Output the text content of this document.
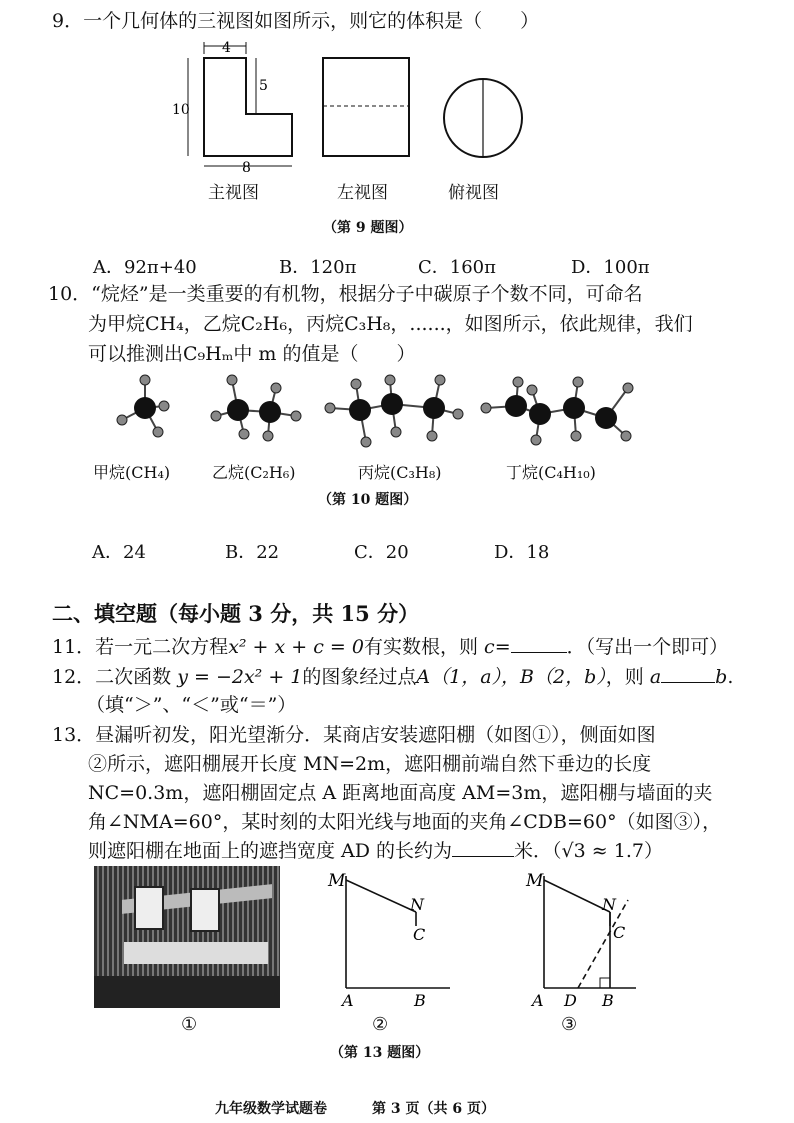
9．一个几何体的三视图如图所示，则它的体积是（　　）
4
5
10
8
主视图	左视图	俯视图
（第 9 题图）
A．92π+40	B．120π	C．160π	D．100π
10．“烷烃”是一类重要的有机物，根据分子中碳原子个数不同，可命名
为甲烷CH₄，乙烷C₂H₆，丙烷C₃H₈，......，如图所示，依此规律，我们
可以推测出C₉Hₘ中 m 的值是（　　）
甲烷(CH₄)	乙烷(C₂H₆)	丙烷(C₃H₈)	丁烷(C₄H₁₀)
（第 10 题图）
A．24	B．22	C．20	D．18
二、填空题（每小题 3 分，共 15 分）
11．若一元二次方程x² + x + c = 0有实数根，则 c=	．（写出一个即可）
12．二次函数 y = −2x² + 1的图象经过点A（1，a），B（2，b），则 a	b.
（填“＞”、“＜”或“＝”）
13．昼漏听初发，阳光望渐分．某商店安装遮阳棚（如图①），侧面如图
②所示，遮阳棚展开长度 MN=2m，遮阳棚前端自然下垂边的长度
NC=0.3m，遮阳棚固定点 A 距离地面高度 AM=3m，遮阳棚与墙面的夹
角∠NMA=60°，某时刻的太阳光线与地面的夹角∠CDB=60°（如图③），
则遮阳棚在地面上的遮挡宽度 AD 的长约为	米．（√3 ≈ 1.7）
M
N
C
A	B
M
N
C
A D B
①	②	③
（第 13 题图）
九年级数学试题卷	第 3 页（共 6 页）
